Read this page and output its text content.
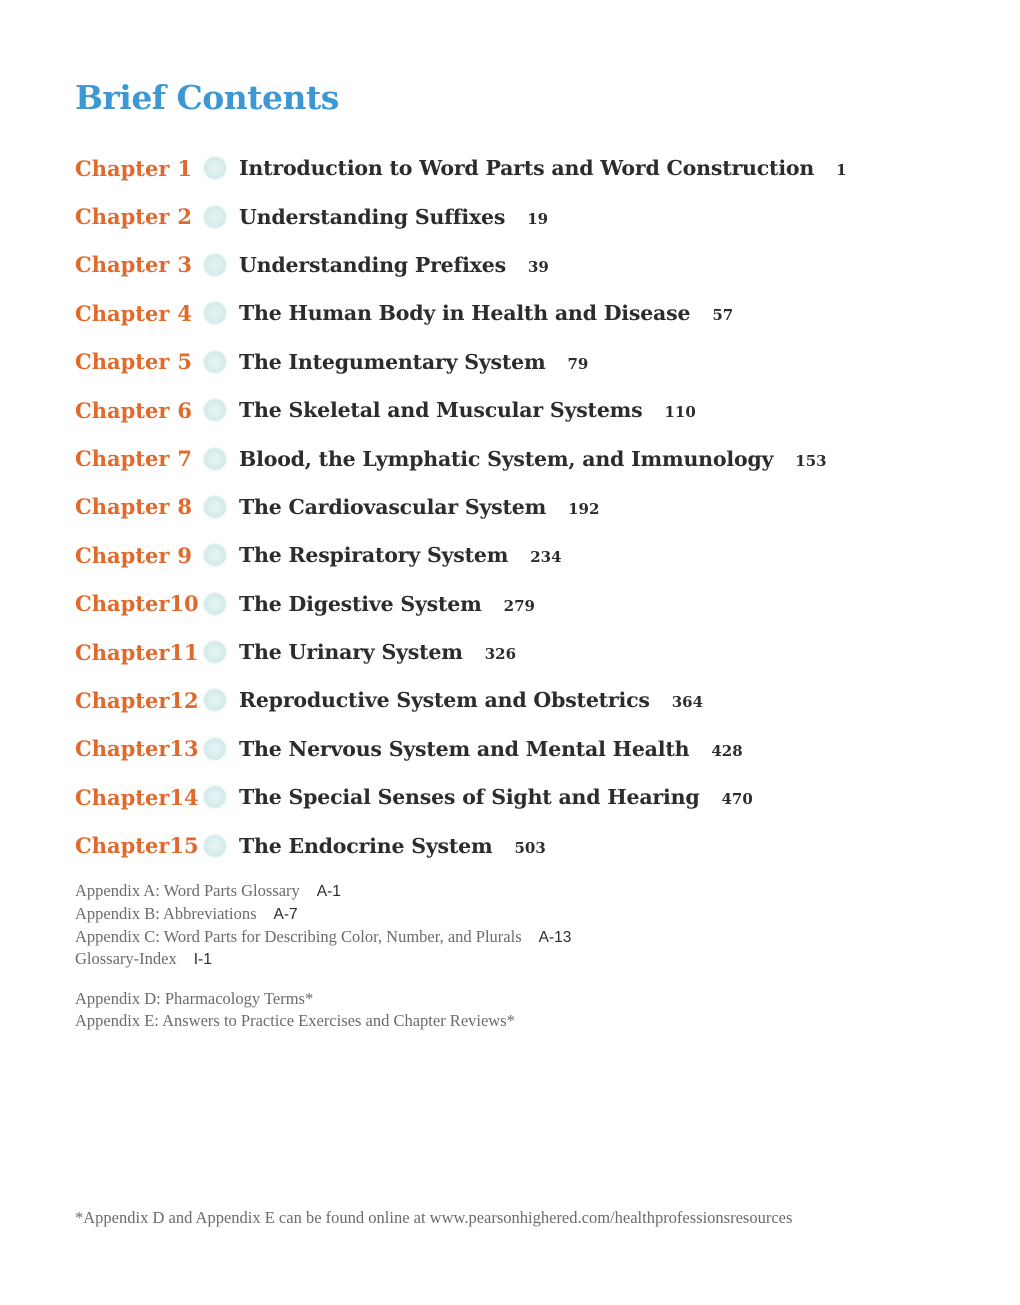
Brief Contents
Chapter 1 Introduction to Word Parts and Word Construction 1
Chapter 2 Understanding Suffixes 19
Chapter 3 Understanding Prefixes 39
Chapter 4 The Human Body in Health and Disease 57
Chapter 5 The Integumentary System 79
Chapter 6 The Skeletal and Muscular Systems 110
Chapter 7 Blood, the Lymphatic System, and Immunology 153
Chapter 8 The Cardiovascular System 192
Chapter 9 The Respiratory System 234
Chapter 10 The Digestive System 279
Chapter 11 The Urinary System 326
Chapter 12 Reproductive System and Obstetrics 364
Chapter 13 The Nervous System and Mental Health 428
Chapter 14 The Special Senses of Sight and Hearing 470
Chapter 15 The Endocrine System 503
Appendix A: Word Parts Glossary A-1
Appendix B: Abbreviations A-7
Appendix C: Word Parts for Describing Color, Number, and Plurals A-13
Glossary-Index I-1
Appendix D: Pharmacology Terms*
Appendix E: Answers to Practice Exercises and Chapter Reviews*
*Appendix D and Appendix E can be found online at www.pearsonhighered.com/healthprofessionsresources
